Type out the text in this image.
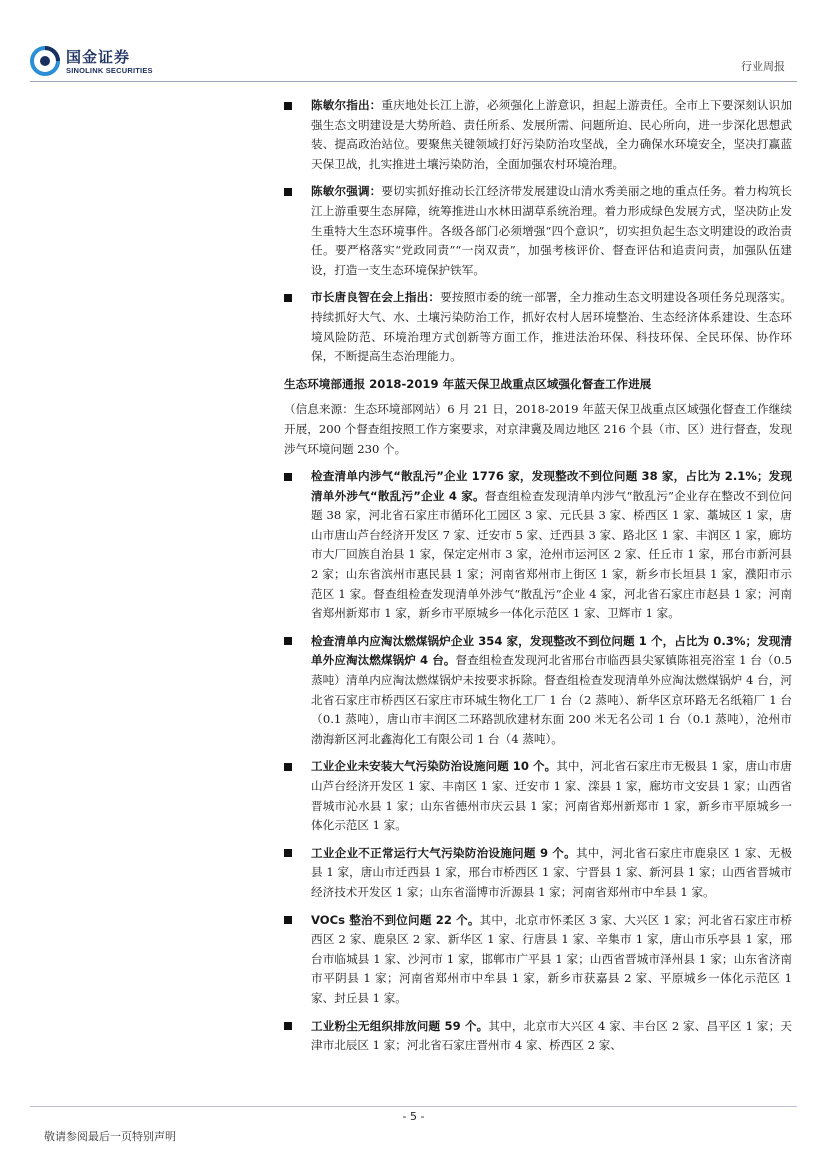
国金证券
SINOLINK SECURITIES	行业周报
陈敏尔指出：重庆地处长江上游，必须强化上游意识，担起上游责任。全市上下要深刻认识加强生态文明建设是大势所趋、责任所系、发展所需、问题所迫、民心所向，进一步深化思想武装、提高政治站位。要聚焦关键领域打好污染防治攻坚战，全力确保水环境安全，坚决打赢蓝天保卫战，扎实推进土壤污染防治，全面加强农村环境治理。
陈敏尔强调：要切实抓好推动长江经济带发展建设山清水秀美丽之地的重点任务。着力构筑长江上游重要生态屏障，统筹推进山水林田湖草系统治理。着力形成绿色发展方式，坚决防止发生重特大生态环境事件。各级各部门必须增强“四个意识”，切实担负起生态文明建设的政治责任。要严格落实“党政同责”“一岗双责”，加强考核评价、督查评估和追责问责，加强队伍建设，打造一支生态环境保护铁军。
市长唐良智在会上指出：要按照市委的统一部署，全力推动生态文明建设各项任务兑现落实。持续抓好大气、水、土壤污染防治工作，抓好农村人居环境整治、生态经济体系建设、生态环境风险防范、环境治理方式创新等方面工作，推进法治环保、科技环保、全民环保、协作环保，不断提高生态治理能力。
生态环境部通报 2018-2019 年蓝天保卫战重点区域强化督查工作进展
（信息来源：生态环境部网站）6 月 21 日，2018-2019 年蓝天保卫战重点区域强化督查工作继续开展，200 个督查组按照工作方案要求，对京津冀及周边地区 216 个县（市、区）进行督查，发现涉气环境问题 230 个。
检查清单内涉气“散乱污”企业 1776 家，发现整改不到位问题 38 家，占比为 2.1%；发现清单外涉气“散乱污”企业 4 家。督查组检查发现清单内涉气“散乱污”企业存在整改不到位问题 38 家，河北省石家庄市循环化工园区 3 家、元氏县 3 家、桥西区 1 家、藁城区 1 家，唐山市唐山芦台经济开发区 7 家、迁安市 5 家、迁西县 3 家、路北区 1 家、丰润区 1 家，廊坊市大厂回族自治县 1 家，保定定州市 3 家，沧州市运河区 2 家、任丘市 1 家，邢台市新河县 2 家；山东省滨州市惠民县 1 家；河南省郑州市上街区 1 家，新乡市长垣县 1 家，濮阳市示范区 1 家。督查组检查发现清单外涉气“散乱污”企业 4 家，河北省石家庄市赵县 1 家；河南省郑州新郑市 1 家，新乡市平原城乡一体化示范区 1 家、卫辉市 1 家。
检查清单内应淘汰燃煤锅炉企业 354 家，发现整改不到位问题 1 个，占比为 0.3%；发现清单外应淘汰燃煤锅炉 4 台。督查组检查发现河北省邢台市临西县尖冢镇陈祖亮浴室 1 台（0.5 蒸吨）清单内应淘汰燃煤锅炉未按要求拆除。督查组检查发现清单外应淘汰燃煤锅炉 4 台，河北省石家庄市桥西区石家庄市环城生物化工厂 1 台（2 蒸吨）、新华区京环路无名纸箱厂 1 台（0.1 蒸吨），唐山市丰润区二环路凯欣建材东面 200 米无名公司 1 台（0.1 蒸吨），沧州市渤海新区河北鑫海化工有限公司 1 台（4 蒸吨）。
工业企业未安装大气污染防治设施问题 10 个。其中，河北省石家庄市无极县 1 家，唐山市唐山芦台经济开发区 1 家、丰南区 1 家、迁安市 1 家、滦县 1 家，廊坊市文安县 1 家；山西省晋城市沁水县 1 家；山东省德州市庆云县 1 家；河南省郑州新郑市 1 家，新乡市平原城乡一体化示范区 1 家。
工业企业不正常运行大气污染防治设施问题 9 个。其中，河北省石家庄市鹿泉区 1 家、无极县 1 家，唐山市迁西县 1 家，邢台市桥西区 1 家、宁晋县 1 家、新河县 1 家；山西省晋城市经济技术开发区 1 家；山东省淄博市沂源县 1 家；河南省郑州市中牟县 1 家。
VOCs 整治不到位问题 22 个。其中，北京市怀柔区 3 家、大兴区 1 家；河北省石家庄市桥西区 2 家、鹿泉区 2 家、新华区 1 家、行唐县 1 家、辛集市 1 家，唐山市乐亭县 1 家，邢台市临城县 1 家、沙河市 1 家，邯郸市广平县 1 家；山西省晋城市泽州县 1 家；山东省济南市平阴县 1 家；河南省郑州市中牟县 1 家，新乡市获嘉县 2 家、平原城乡一体化示范区 1 家、封丘县 1 家。
工业粉尘无组织排放问题 59 个。其中，北京市大兴区 4 家、丰台区 2 家、昌平区 1 家；天津市北辰区 1 家；河北省石家庄晋州市 4 家、桥西区 2 家、
- 5 -
敬请参阅最后一页特别声明
